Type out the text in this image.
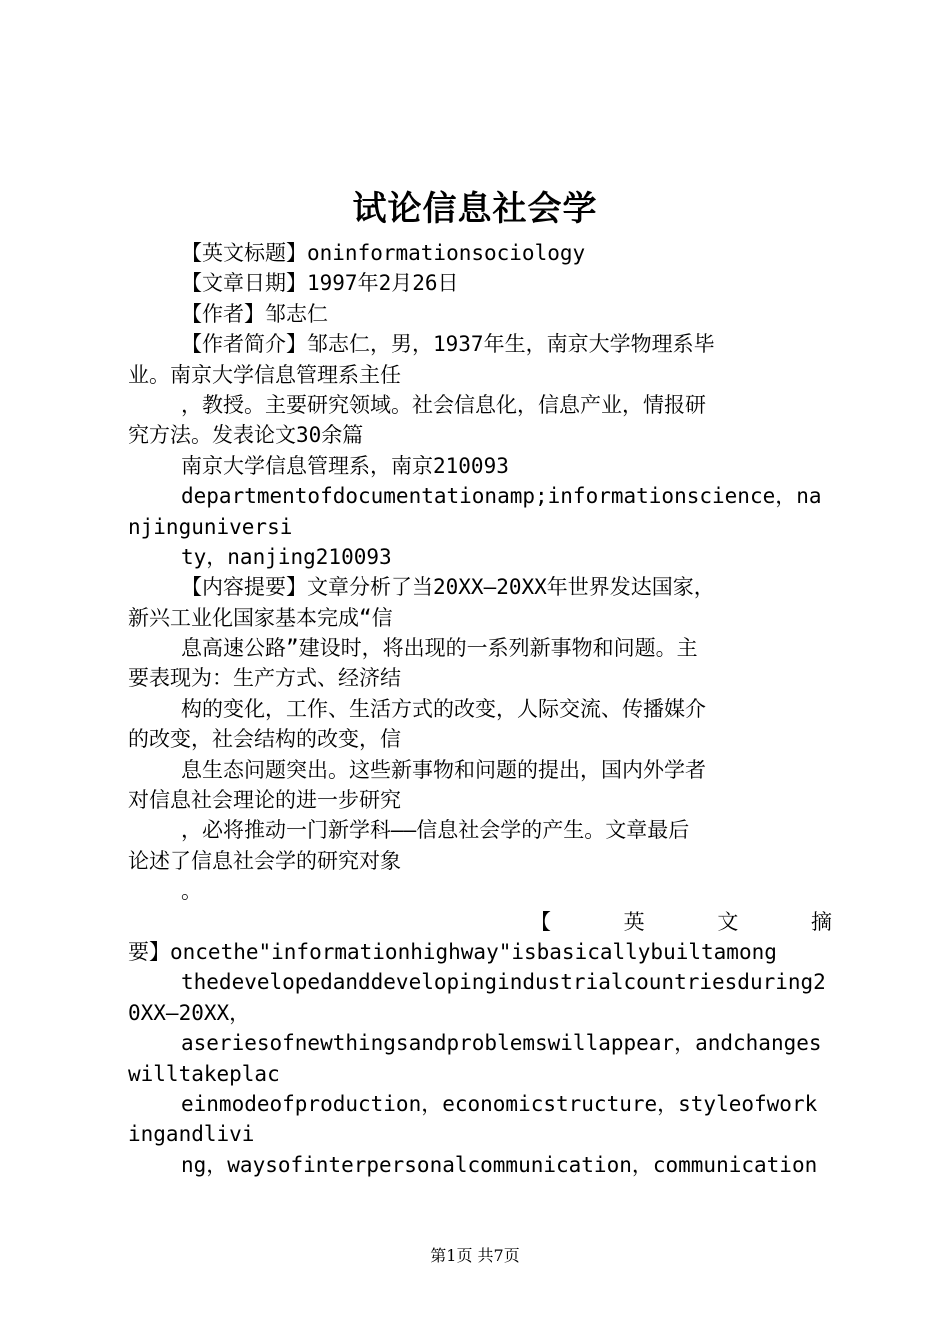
试论信息社会学
【英文标题】oninformationsociology
【文章日期】1997年2月26日
【作者】邹志仁
【作者简介】邹志仁，男，1937年生，南京大学物理系毕
业。南京大学信息管理系主任
，教授。主要研究领域。社会信息化，信息产业，情报研
究方法。发表论文30余篇
南京大学信息管理系，南京210093
departmentofdocumentationamp;informationscience，na
njinguniversi
ty，nanjing210093
【内容提要】文章分析了当20XX—20XX年世界发达国家，
新兴工业化国家基本完成“信
息高速公路”建设时，将出现的一系列新事物和问题。主
要表现为：生产方式、经济结
构的变化，工作、生活方式的改变，人际交流、传播媒介
的改变，社会结构的改变，信
息生态问题突出。这些新事物和问题的提出，国内外学者
对信息社会理论的进一步研究
，必将推动一门新学科——信息社会学的产生。文章最后
论述了信息社会学的研究对象
。
【	英	文	摘
要】oncethe"informationhighway"isbasicallybuiltamong
thedevelopedanddevelopingindustrialcountriesduring2
0XX—20XX，
aseriesofnewthingsandproblemswillappear，andchanges
willtakeplac
einmodeofproduction，economicstructure，styleofwork
ingandlivi
ng，waysofinterpersonalcommunication，communication
第1页 共7页
